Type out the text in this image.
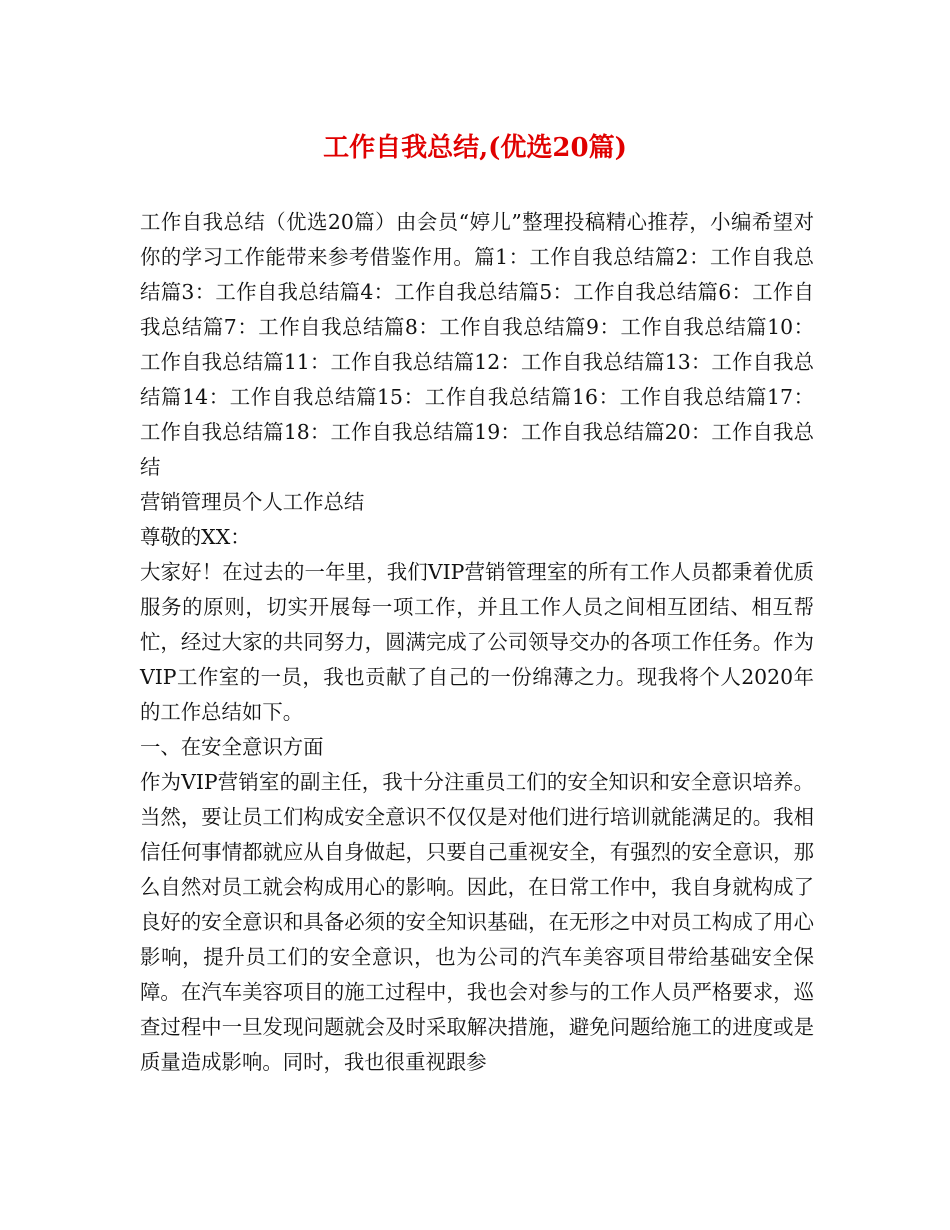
工作自我总结,(优选20篇)

工作自我总结（优选20篇）由会员“婷儿”整理投稿精心推荐，小编希望对你的学习工作能带来参考借鉴作用。篇1：工作自我总结篇2：工作自我总结篇3：工作自我总结篇4：工作自我总结篇5：工作自我总结篇6：工作自我总结篇7：工作自我总结篇8：工作自我总结篇9：工作自我总结篇10：工作自我总结篇11：工作自我总结篇12：工作自我总结篇13：工作自我总结篇14：工作自我总结篇15：工作自我总结篇16：工作自我总结篇17：工作自我总结篇18：工作自我总结篇19：工作自我总结篇20：工作自我总结

营销管理员个人工作总结

尊敬的XX：

大家好！在过去的一年里，我们VIP营销管理室的所有工作人员都秉着优质服务的原则，切实开展每一项工作，并且工作人员之间相互团结、相互帮忙，经过大家的共同努力，圆满完成了公司领导交办的各项工作任务。作为VIP工作室的一员，我也贡献了自己的一份绵薄之力。现我将个人2020年的工作总结如下。

一、在安全意识方面

作为VIP营销室的副主任，我十分注重员工们的安全知识和安全意识培养。当然，要让员工们构成安全意识不仅仅是对他们进行培训就能满足的。我相信任何事情都就应从自身做起，只要自己重视安全，有强烈的安全意识，那么自然对员工就会构成用心的影响。因此，在日常工作中，我自身就构成了良好的安全意识和具备必须的安全知识基础，在无形之中对员工构成了用心影响，提升员工们的安全意识，也为公司的汽车美容项目带给基础安全保障。在汽车美容项目的施工过程中，我也会对参与的工作人员严格要求，巡查过程中一旦发现问题就会及时采取解决措施，避免问题给施工的进度或是质量造成影响。同时，我也很重视跟参
